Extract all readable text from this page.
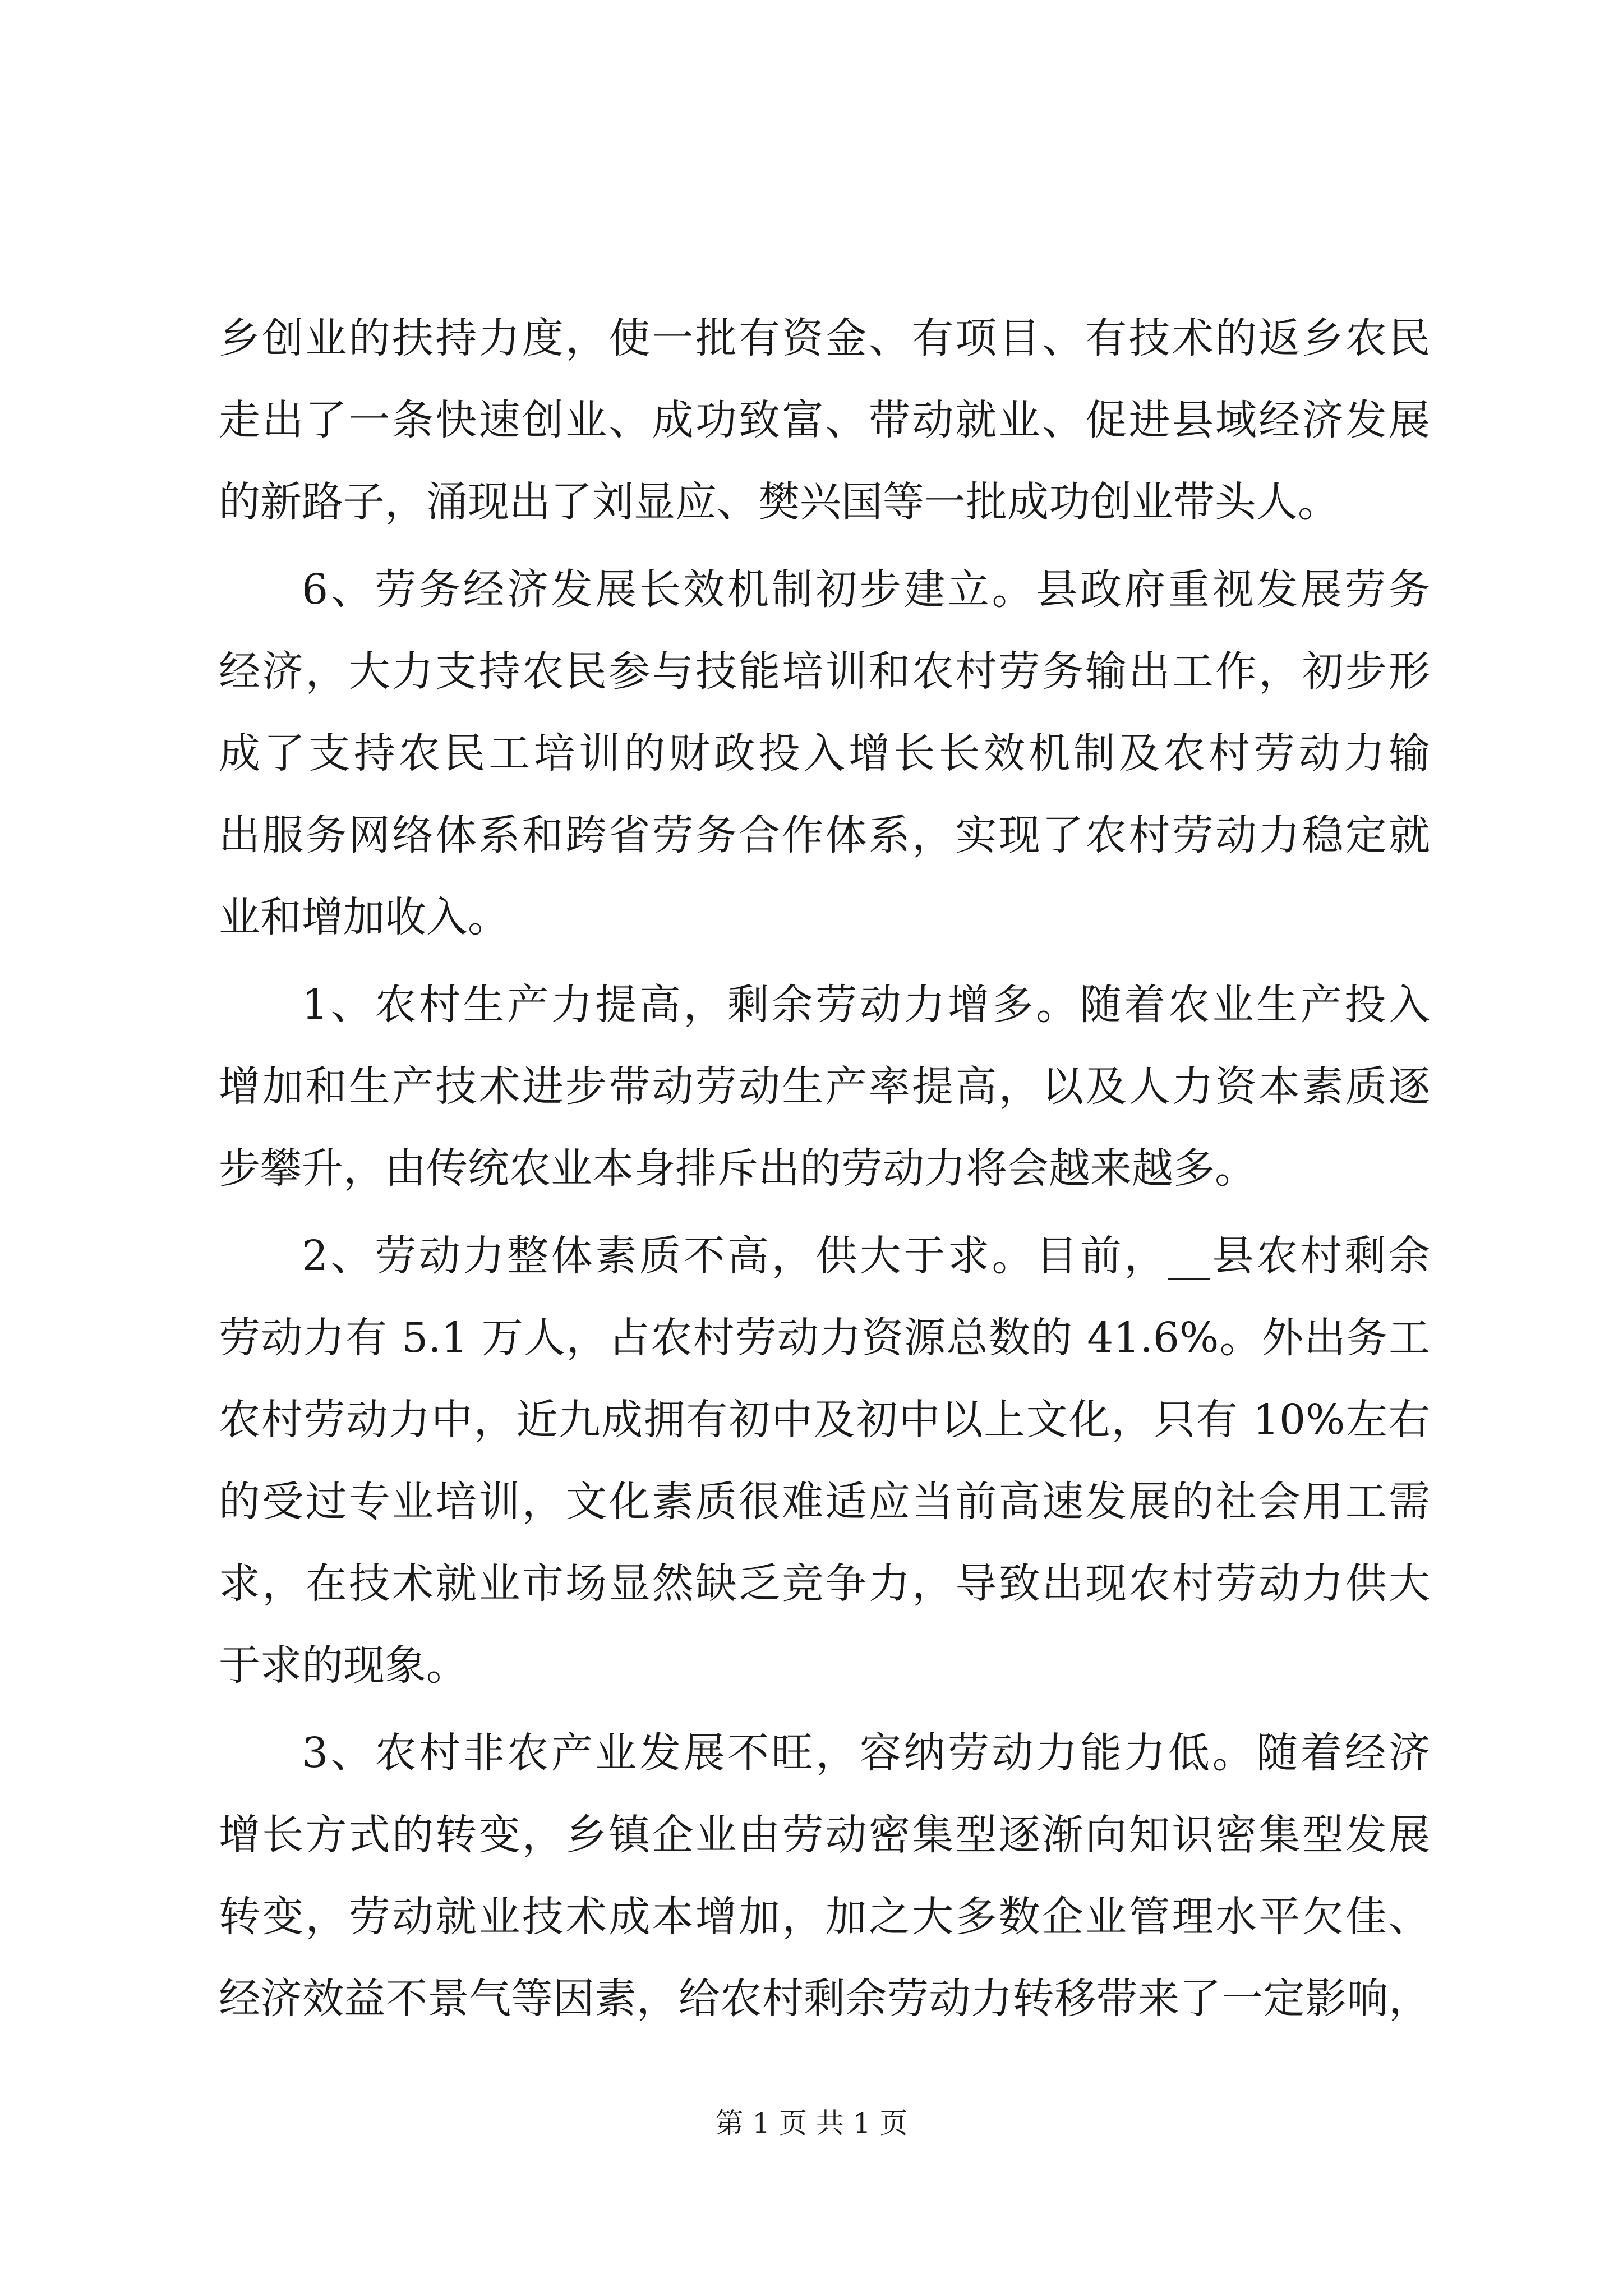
乡创业的扶持力度，使一批有资金、有项目、有技术的返乡农民
走出了一条快速创业、成功致富、带动就业、促进县域经济发展
的新路子，涌现出了刘显应、樊兴国等一批成功创业带头人。
6、劳务经济发展长效机制初步建立。县政府重视发展劳务
经济，大力支持农民参与技能培训和农村劳务输出工作，初步形
成了支持农民工培训的财政投入增长长效机制及农村劳动力输
出服务网络体系和跨省劳务合作体系，实现了农村劳动力稳定就
业和增加收入。
1、农村生产力提高，剩余劳动力增多。随着农业生产投入
增加和生产技术进步带动劳动生产率提高，以及人力资本素质逐
步攀升，由传统农业本身排斥出的劳动力将会越来越多。
2、劳动力整体素质不高，供大于求。目前，__县农村剩余
劳动力有 5.1 万人，占农村劳动力资源总数的 41.6%。外出务工
农村劳动力中，近九成拥有初中及初中以上文化，只有 10%左右
的受过专业培训，文化素质很难适应当前高速发展的社会用工需
求，在技术就业市场显然缺乏竞争力，导致出现农村劳动力供大
于求的现象。
3、农村非农产业发展不旺，容纳劳动力能力低。随着经济
增长方式的转变，乡镇企业由劳动密集型逐渐向知识密集型发展
转变，劳动就业技术成本增加，加之大多数企业管理水平欠佳、
经济效益不景气等因素，给农村剩余劳动力转移带来了一定影响，
第 1 页 共 1 页
